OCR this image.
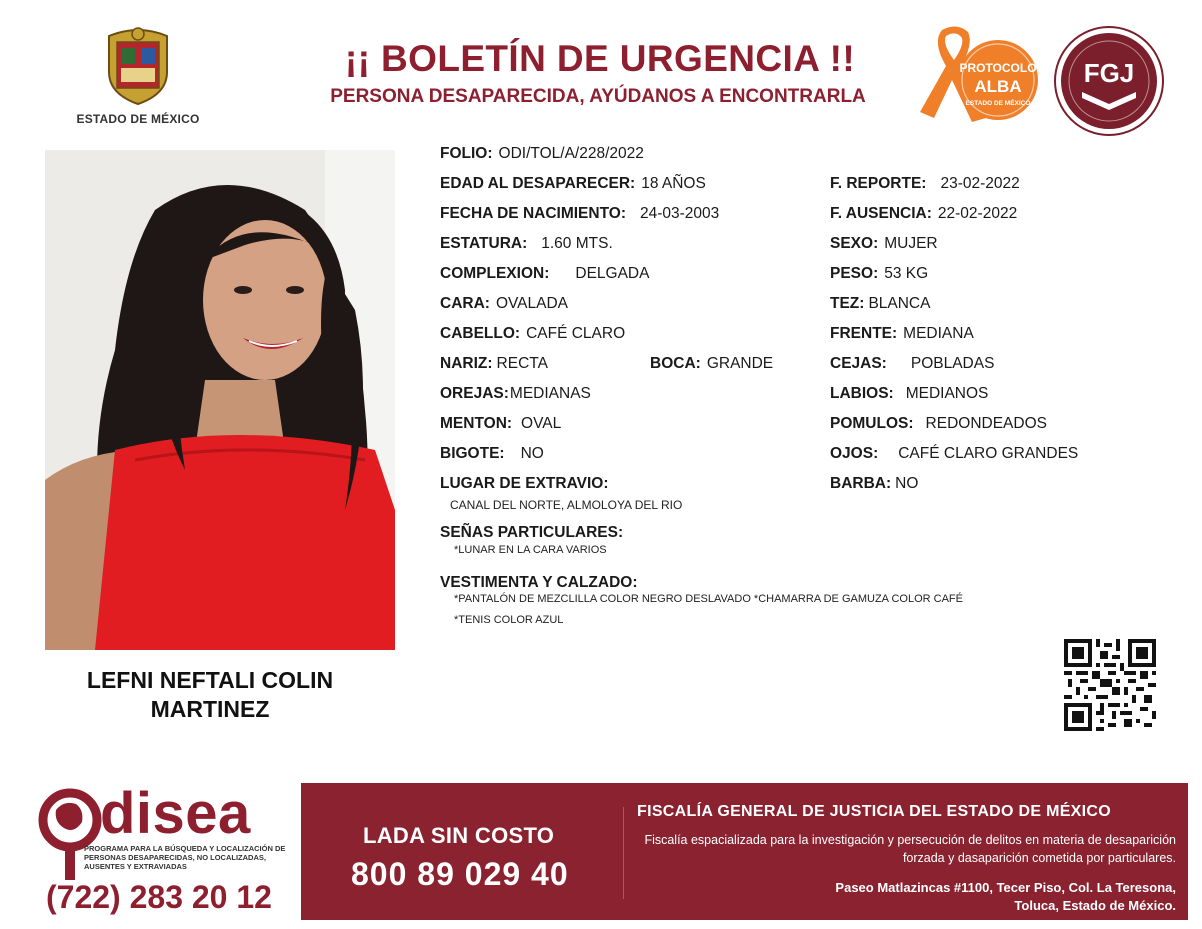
ESTADO DE MÉXICO
¡¡ BOLETÍN DE URGENCIA !!
PERSONA DESAPARECIDA, AYÚDANOS A ENCONTRARLA
PROTOCOLO
ALBA
ESTADO DE MÉXICO
FGJ
LEFNI NEFTALI COLIN
MARTINEZ
FOLIO: ODI/TOL/A/228/2022
EDAD AL DESAPARECER: 18 AÑOS	F. REPORTE: 23-02-2022
FECHA DE NACIMIENTO: 24-03-2003	F. AUSENCIA: 22-02-2022
ESTATURA: 1.60 MTS.	SEXO: MUJER
COMPLEXION: DELGADA	PESO: 53 KG
CARA: OVALADA	TEZ: BLANCA
CABELLO: CAFÉ CLARO	FRENTE: MEDIANA
NARIZ: RECTA	BOCA: GRANDE	CEJAS: POBLADAS
OREJAS:MEDIANAS	LABIOS: MEDIANOS
MENTON: OVAL	POMULOS: REDONDEADOS
BIGOTE: NO	OJOS: CAFÉ CLARO GRANDES
LUGAR DE EXTRAVIO:
CANAL DEL NORTE, ALMOLOYA DEL RIO
BARBA: NO
SEÑAS PARTICULARES:
*LUNAR EN LA CARA VARIOS
VESTIMENTA Y CALZADO:
*PANTALÓN DE MEZCLILLA COLOR NEGRO DESLAVADO *CHAMARRA DE GAMUZA COLOR CAFÉ
*TENIS COLOR AZUL
disea
PROGRAMA PARA LA BÚSQUEDA Y LOCALIZACIÓN DE PERSONAS DESAPARECIDAS, NO LOCALIZADAS, AUSENTES Y EXTRAVIADAS
(722) 283 20 12
LADA SIN COSTO
800 89 029 40
FISCALÍA GENERAL DE JUSTICIA DEL ESTADO DE MÉXICO
Fiscalía espacializada para la investigación y persecución de delitos en materia de desaparición forzada y dasaparición cometida por particulares.
Paseo Matlazincas #1100, Tecer Piso, Col. La Teresona,
Toluca, Estado de México.
